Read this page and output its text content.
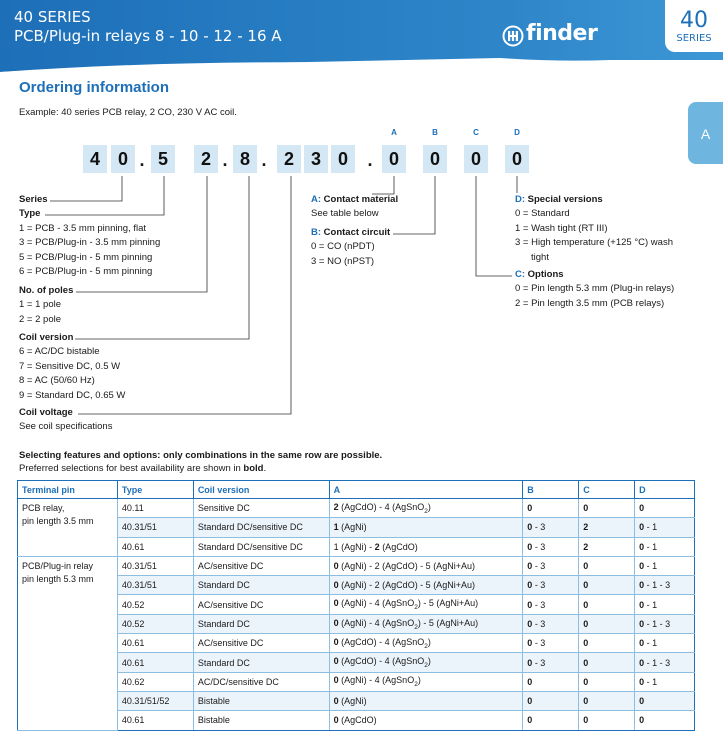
40 SERIES
PCB/Plug-in relays 8 - 10 - 12 - 16 A	finder
40
SERIES
A
Ordering information
Example: 40 series PCB relay, 2 CO, 230 V AC coil.
A	B	C	D
4 0 . 5	2 . 8 . 2 3 0	. 0	0	0	0
Series
Type
1 = PCB - 3.5 mm pinning, flat
3 = PCB/Plug-in - 3.5 mm pinning
5 = PCB/Plug-in - 5 mm pinning
6 = PCB/Plug-in - 5 mm pinning
No. of poles
1 = 1 pole
2 = 2 pole
Coil version
6 = AC/DC bistable
7 = Sensitive DC, 0.5 W
8 = AC (50/60 Hz)
9 = Standard DC, 0.65 W
Coil voltage
See coil specifications
A: Contact material
See table below
B: Contact circuit
0 = CO (nPDT)
3 = NO (nPST)
D: Special versions
0 = Standard
1 = Wash tight (RT III)
3 = High temperature (+125 °C) wash
tight
C: Options
0 = Pin length 5.3 mm (Plug-in relays)
2 = Pin length 3.5 mm (PCB relays)
Selecting features and options: only combinations in the same row are possible.
Preferred selections for best availability are shown in bold.
Terminal pin	Type	Coil version	A	B	C	D

PCB relay,
pin length 3.5 mm	40.11	Sensitive DC	2 (AgCdO) - 4 (AgSnO$_2$)	0	0	0
	40.31/51	Standard DC/sensitive DC	1 (AgNi)	0 - 3	2	0 - 1
	40.61	Standard DC/sensitive DC	1 (AgNi) - 2 (AgCdO)	0 - 3	2	0 - 1

PCB/Plug-in relay
pin length 5.3 mm	40.31/51	AC/sensitive DC	0 (AgNi) - 2 (AgCdO) - 5 (AgNi+Au)	0 - 3	0	0 - 1
	40.31/51	Standard DC	0 (AgNi) - 2 (AgCdO) - 5 (AgNi+Au)	0 - 3	0	0 - 1 - 3
	40.52	AC/sensitive DC	0 (AgNi) - 4 (AgSnO$_2$) - 5 (AgNi+Au)	0 - 3	0	0 - 1
	40.52	Standard DC	0 (AgNi) - 4 (AgSnO$_2$) - 5 (AgNi+Au)	0 - 3	0	0 - 1 - 3
	40.61	AC/sensitive DC	0 (AgCdO) - 4 (AgSnO$_2$)	0 - 3	0	0 - 1
	40.61	Standard DC	0 (AgCdO) - 4 (AgSnO$_2$)	0 - 3	0	0 - 1 - 3
	40.62	AC/DC/sensitive DC	0 (AgNi) - 4 (AgSnO$_2$)	0	0	0 - 1
	40.31/51/52	Bistable	0 (AgNi)	0	0	0
	40.61	Bistable	0 (AgCdO)	0	0	0
